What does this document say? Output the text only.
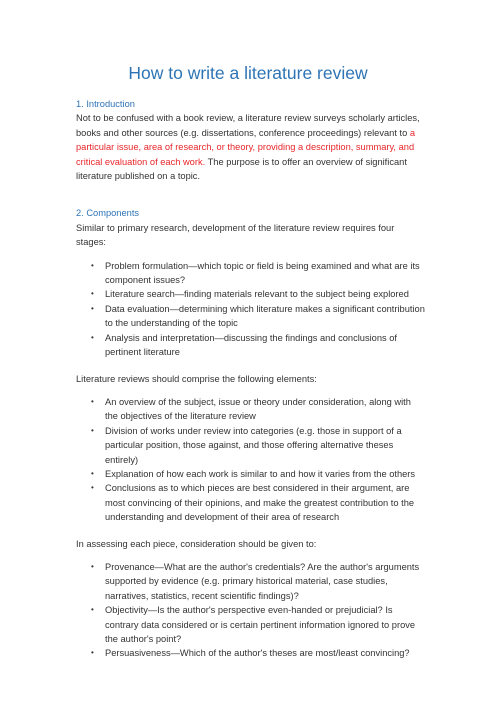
How to write a literature review

1. Introduction

Not to be confused with a book review, a literature review surveys scholarly articles, books and other sources (e.g. dissertations, conference proceedings) relevant to a particular issue, area of research, or theory, providing a description, summary, and critical evaluation of each work. The purpose is to offer an overview of significant literature published on a topic.

2. Components

Similar to primary research, development of the literature review requires four stages:

• Problem formulation—which topic or field is being examined and what are its component issues?
• Literature search—finding materials relevant to the subject being explored
• Data evaluation—determining which literature makes a significant contribution to the understanding of the topic
• Analysis and interpretation—discussing the findings and conclusions of pertinent literature

Literature reviews should comprise the following elements:

• An overview of the subject, issue or theory under consideration, along with the objectives of the literature review
• Division of works under review into categories (e.g. those in support of a particular position, those against, and those offering alternative theses entirely)
• Explanation of how each work is similar to and how it varies from the others
• Conclusions as to which pieces are best considered in their argument, are most convincing of their opinions, and make the greatest contribution to the understanding and development of their area of research

In assessing each piece, consideration should be given to:

• Provenance—What are the author's credentials? Are the author's arguments supported by evidence (e.g. primary historical material, case studies, narratives, statistics, recent scientific findings)?
• Objectivity—Is the author's perspective even-handed or prejudicial? Is contrary data considered or is certain pertinent information ignored to prove the author's point?
• Persuasiveness—Which of the author's theses are most/least convincing?
